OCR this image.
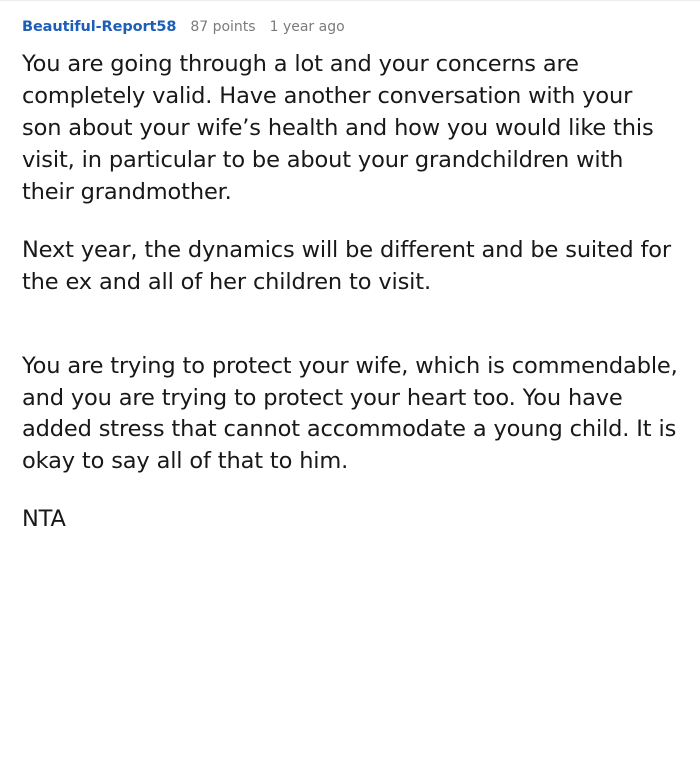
Beautiful-Report58 87 points 1 year ago

You are going through a lot and your concerns are completely valid. Have another conversation with your son about your wife’s health and how you would like this visit, in particular to be about your grandchildren with their grandmother.

Next year, the dynamics will be different and be suited for the ex and all of her children to visit.

You are trying to protect your wife, which is commendable, and you are trying to protect your heart too. You have added stress that cannot accommodate a young child. It is okay to say all of that to him.

NTA
